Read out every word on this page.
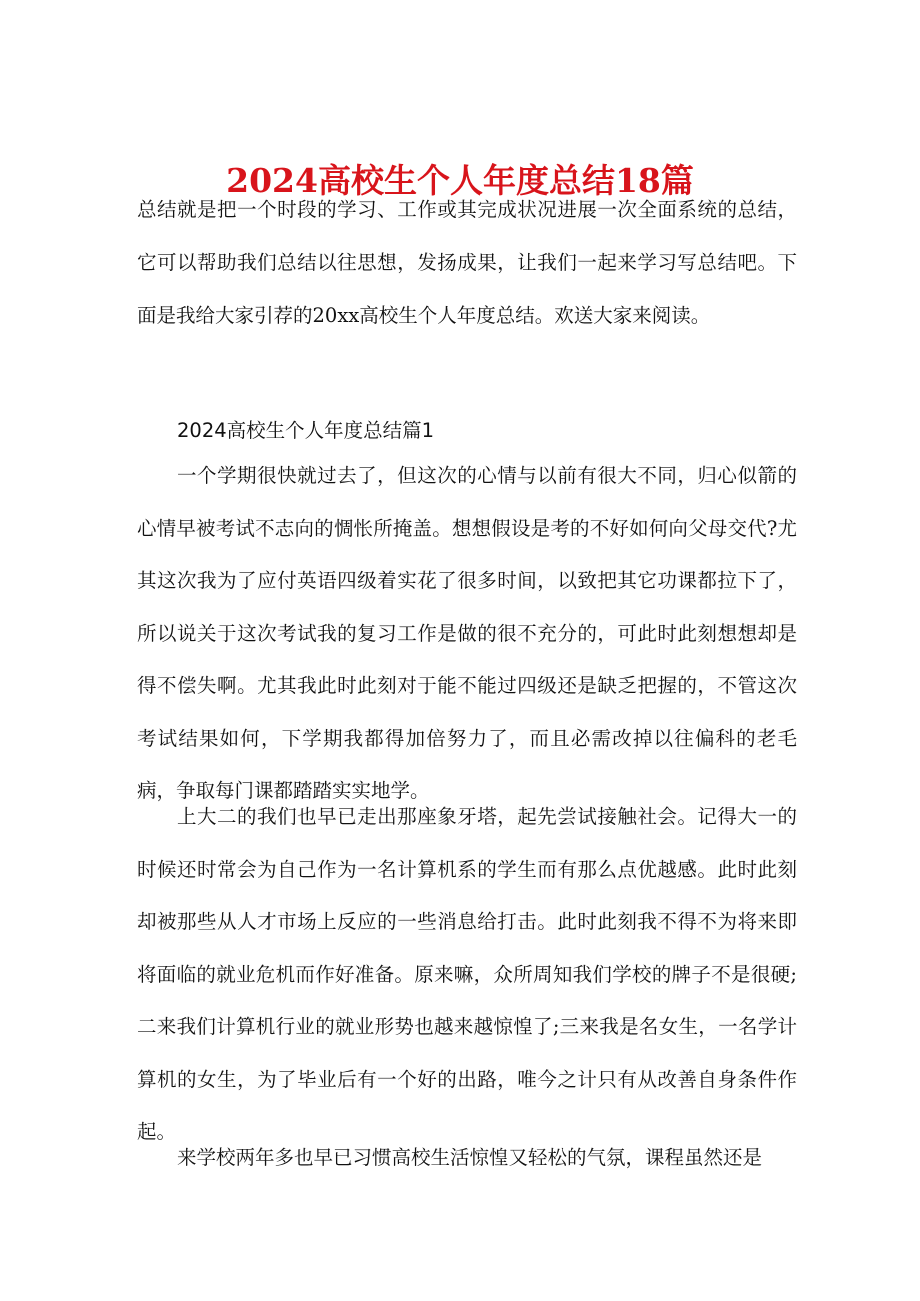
2024高校生个人年度总结18篇

总结就是把一个时段的学习、工作或其完成状况进展一次全面系统的总结，它可以帮助我们总结以往思想，发扬成果，让我们一起来学习写总结吧。下面是我给大家引荐的20xx高校生个人年度总结。欢送大家来阅读。

2024高校生个人年度总结篇1

一个学期很快就过去了，但这次的心情与以前有很大不同，归心似箭的心情早被考试不志向的惆怅所掩盖。想想假设是考的不好如何向父母交代?尤其这次我为了应付英语四级着实花了很多时间，以致把其它功课都拉下了，所以说关于这次考试我的复习工作是做的很不充分的，可此时此刻想想却是得不偿失啊。尤其我此时此刻对于能不能过四级还是缺乏把握的，不管这次考试结果如何，下学期我都得加倍努力了，而且必需改掉以往偏科的老毛病，争取每门课都踏踏实实地学。

上大二的我们也早已走出那座象牙塔，起先尝试接触社会。记得大一的时候还时常会为自己作为一名计算机系的学生而有那么点优越感。此时此刻却被那些从人才市场上反应的一些消息给打击。此时此刻我不得不为将来即将面临的就业危机而作好准备。原来嘛，众所周知我们学校的牌子不是很硬;二来我们计算机行业的就业形势也越来越惊惶了;三来我是名女生，一名学计算机的女生，为了毕业后有一个好的出路，唯今之计只有从改善自身条件作起。

来学校两年多也早已习惯高校生活惊惶又轻松的气氛，课程虽然还是
